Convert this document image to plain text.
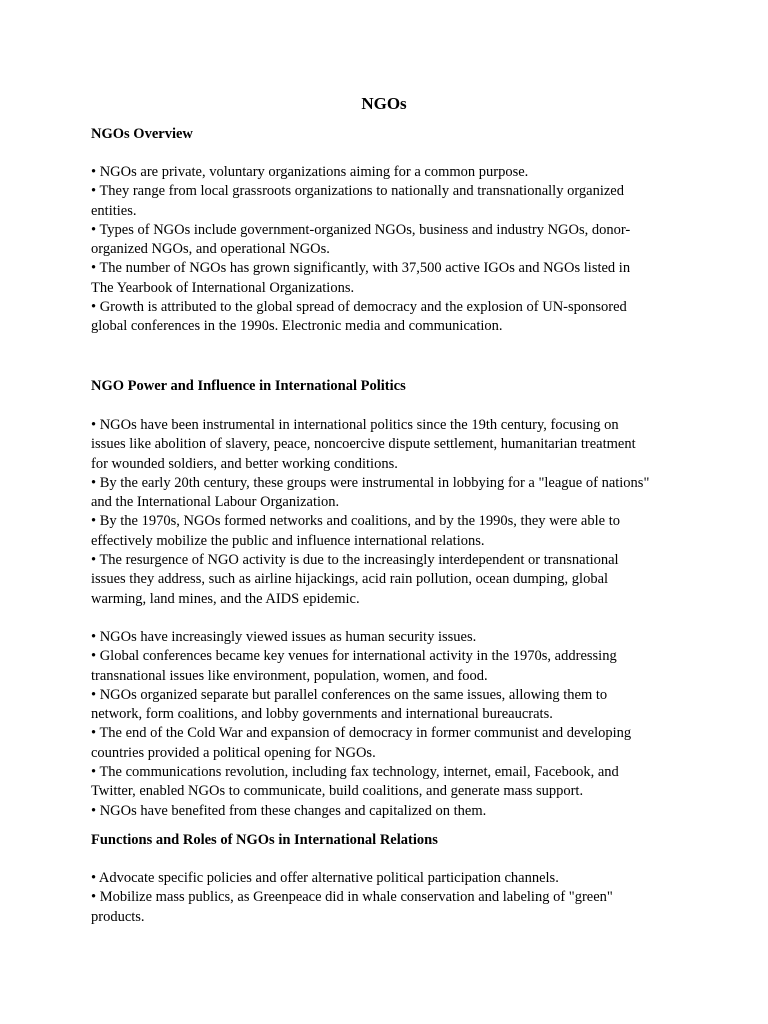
NGOs
NGOs Overview
• NGOs are private, voluntary organizations aiming for a common purpose.
• They range from local grassroots organizations to nationally and transnationally organized
entities.
• Types of NGOs include government-organized NGOs, business and industry NGOs, donor-
organized NGOs, and operational NGOs.
• The number of NGOs has grown significantly, with 37,500 active IGOs and NGOs listed in
The Yearbook of International Organizations.
• Growth is attributed to the global spread of democracy and the explosion of UN-sponsored
global conferences in the 1990s. Electronic media and communication.
NGO Power and Influence in International Politics
• NGOs have been instrumental in international politics since the 19th century, focusing on
issues like abolition of slavery, peace, noncoercive dispute settlement, humanitarian treatment
for wounded soldiers, and better working conditions.
• By the early 20th century, these groups were instrumental in lobbying for a "league of nations"
and the International Labour Organization.
• By the 1970s, NGOs formed networks and coalitions, and by the 1990s, they were able to
effectively mobilize the public and influence international relations.
• The resurgence of NGO activity is due to the increasingly interdependent or transnational
issues they address, such as airline hijackings, acid rain pollution, ocean dumping, global
warming, land mines, and the AIDS epidemic.
• NGOs have increasingly viewed issues as human security issues.
• Global conferences became key venues for international activity in the 1970s, addressing
transnational issues like environment, population, women, and food.
• NGOs organized separate but parallel conferences on the same issues, allowing them to
network, form coalitions, and lobby governments and international bureaucrats.
• The end of the Cold War and expansion of democracy in former communist and developing
countries provided a political opening for NGOs.
• The communications revolution, including fax technology, internet, email, Facebook, and
Twitter, enabled NGOs to communicate, build coalitions, and generate mass support.
• NGOs have benefited from these changes and capitalized on them.
Functions and Roles of NGOs in International Relations
• Advocate specific policies and offer alternative political participation channels.
• Mobilize mass publics, as Greenpeace did in whale conservation and labeling of "green"
products.
